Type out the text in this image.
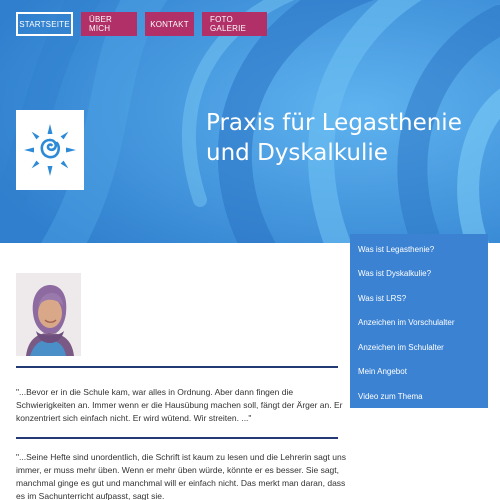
STARTSEITE	ÜBER MICH	KONTAKT	FOTO GALERIE
Praxis für Legasthenie
und Dyskalkulie
Was ist Legasthenie?
Was ist Dyskalkulie?
Was ist LRS?
Anzeichen im Vorschulalter
Anzeichen im Schulalter
Mein Angebot
Video zum Thema

"...Bevor er in die Schule kam, war alles in Ordnung. Aber dann fingen die Schwierigkeiten an. Immer wenn er die Hausübung machen soll, fängt der Ärger an. Er konzentriert sich einfach nicht. Er wird wütend. Wir streiten. ..."

"...Seine Hefte sind unordentlich, die Schrift ist kaum zu lesen und die Lehrerin sagt uns immer, er muss mehr üben. Wenn er mehr üben würde, könnte er es besser. Sie sagt, manchmal ginge es gut und manchmal will er einfach nicht. Das merkt man daran, dass es im Sachunterricht aufpasst, sagt sie.
